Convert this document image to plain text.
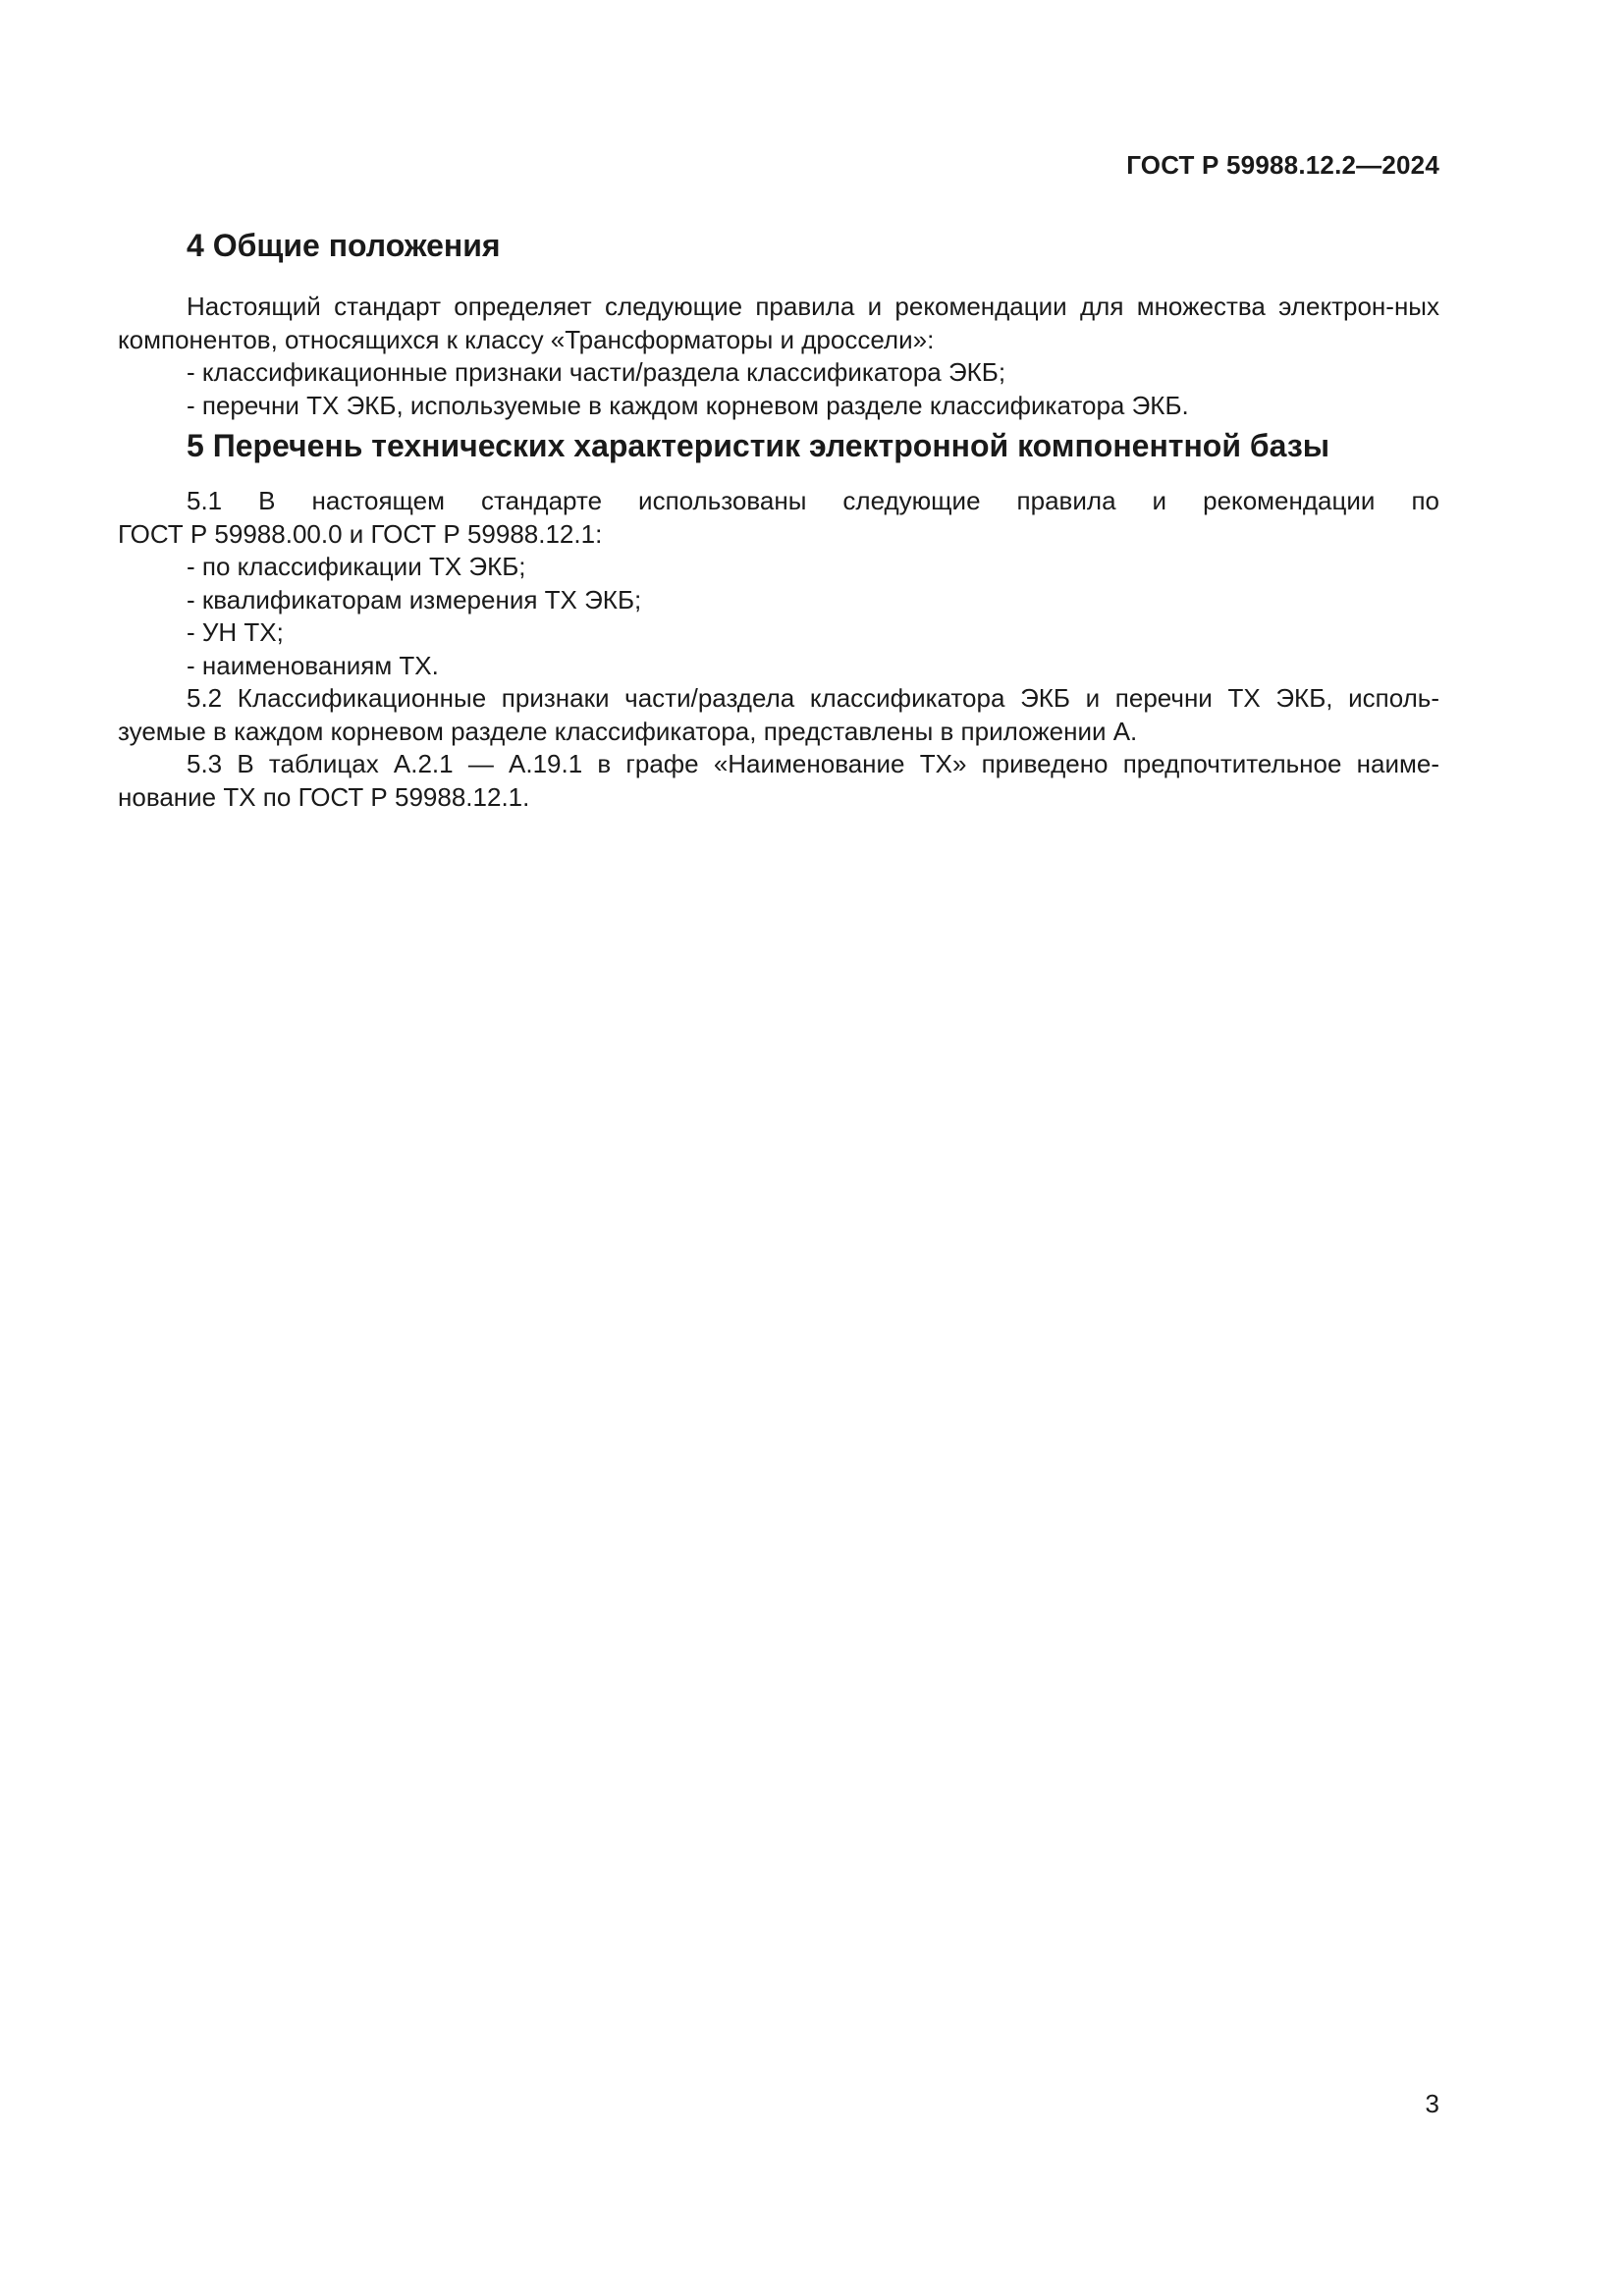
ГОСТ Р 59988.12.2—2024
4 Общие положения

Настоящий стандарт определяет следующие правила и рекомендации для множества электрон-ных компонентов, относящихся к классу «Трансформаторы и дроссели»:

- классификационные признаки части/раздела классификатора ЭКБ;

- перечни ТХ ЭКБ, используемые в каждом корневом разделе классификатора ЭКБ.

5 Перечень технических характеристик электронной компонентной базы

5.1 В настоящем стандарте использованы следующие правила и рекомендации по

ГОСТ Р 59988.00.0 и ГОСТ Р 59988.12.1:

- по классификации ТХ ЭКБ;

- квалификаторам измерения ТХ ЭКБ;

- УН ТХ;

- наименованиям ТХ.

5.2 Классификационные признаки части/раздела классификатора ЭКБ и перечни ТХ ЭКБ, исполь-зуемые в каждом корневом разделе классификатора, представлены в приложении А.

5.3 В таблицах А.2.1 — А.19.1 в графе «Наименование ТХ» приведено предпочтительное наиме-нование ТХ по ГОСТ Р 59988.12.1.

3
